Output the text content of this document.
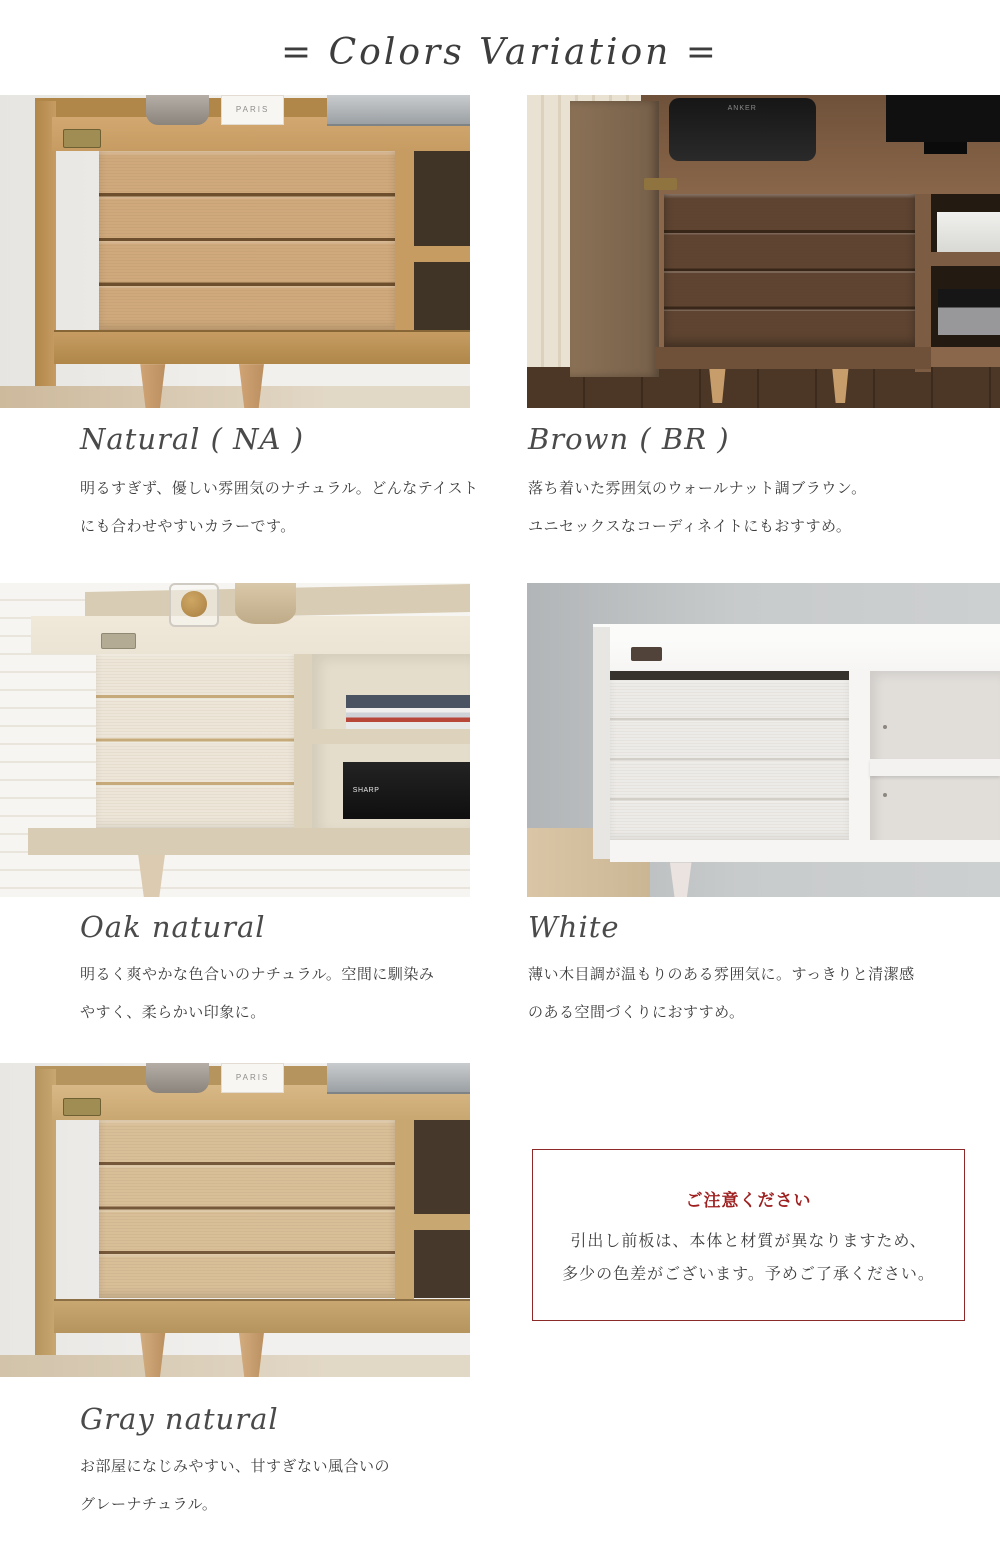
= Colors Variation =
PARIS
Natural ( NA )
明るすぎず、優しい雰囲気のナチュラル。どんなテイスト
にも合わせやすいカラーです。
ANKER
Brown ( BR )
落ち着いた雰囲気のウォールナット調ブラウン。
ユニセックスなコーディネイトにもおすすめ。
SHARP
Oak natural
明るく爽やかな色合いのナチュラル。空間に馴染み
やすく、柔らかい印象に。
White
薄い木目調が温もりのある雰囲気に。すっきりと清潔感
のある空間づくりにおすすめ。
PARIS
Gray natural
お部屋になじみやすい、甘すぎない風合いの
グレーナチュラル。

ご注意ください

引出し前板は、本体と材質が異なりますため、

多少の色差がございます。予めご了承ください。
